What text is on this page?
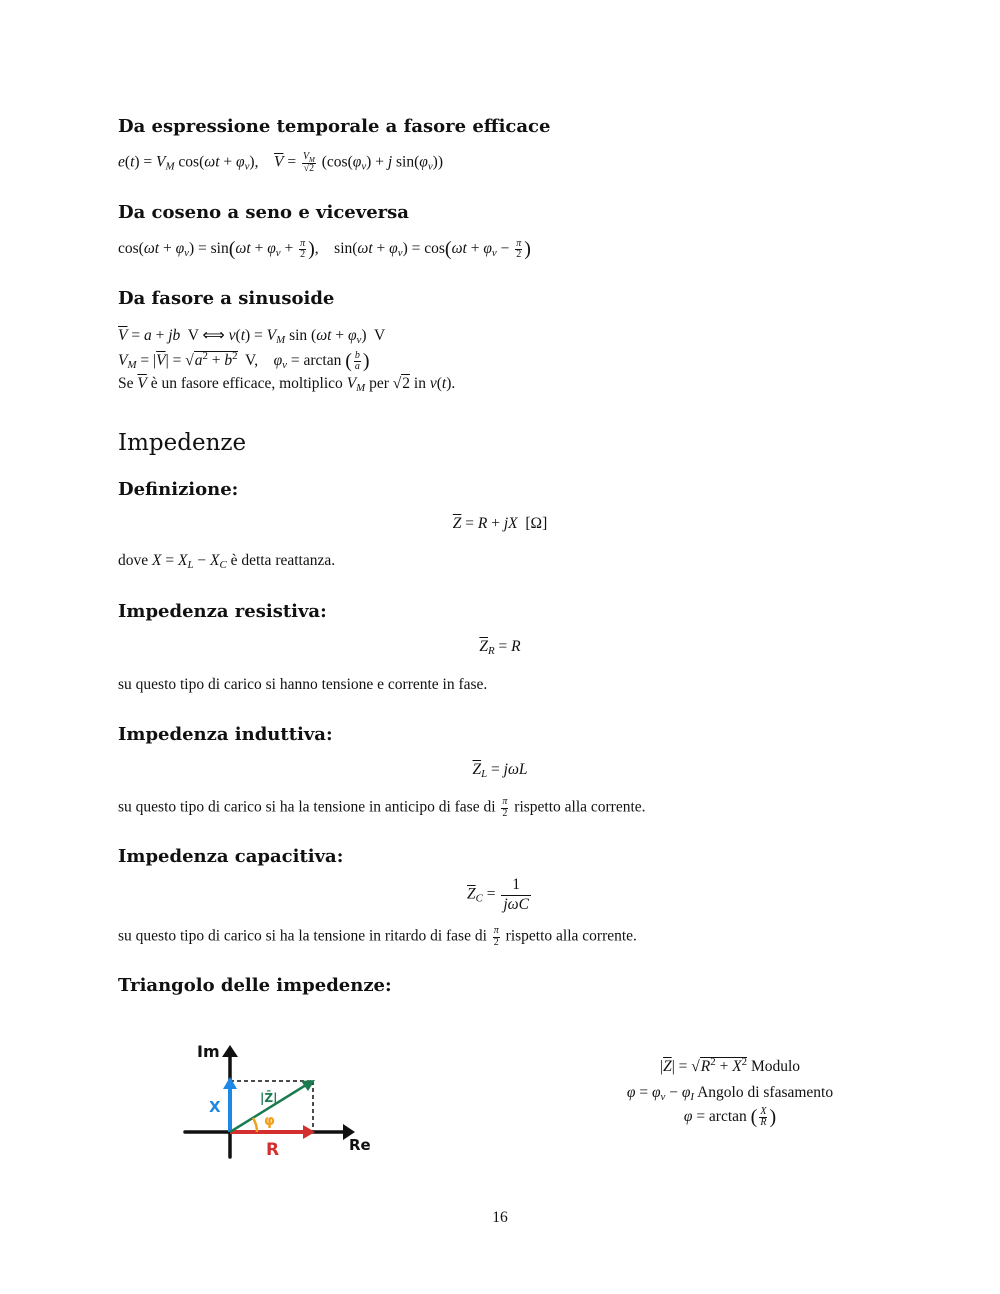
Da espressione temporale a fasore efficace
$e(t) = V_M$ $\cos(\omega t + \varphi_v)$,    $\overline{V} = \frac{V_M}{√2} (\cos(\varphi_v) + j$ $\sin(\varphi_v)$)
Da coseno a seno e viceversa
$\cos(\omega t + \varphi_v) = \sin(\omega t + \varphi_v + \frac{\pi}{2}$ ),    $\sin(\omega t + \varphi_v) = \cos(\omega t + \varphi_v - \frac{\pi}{2}$ )
Da fasore a sinusoide
$\overline{V} = a$ + jb  V ⟺ $v(t) = V_M$ $\sin (\omega t + \varphi_v)$  V
$V_M = |\overline{V}| = √a^2 + b^2$  V,    $\varphi_v = \arctan$ ( $\frac{b}{a}$ )
Se $\overline{V}$ è un fasore efficace, moltiplico $V_M$ per √2 in v(t).
Impedenze
Definizione:
$\overline{Z} = R$ + jX  [Ω]
dove $X = X_L - X_C$ è detta reattanza.
Impedenza resistiva:
$\overline{Z}_R = R$
su questo tipo di carico si hanno tensione e corrente in fase.
Impedenza induttiva:
$\overline{Z}_L = j\omega L$
su questo tipo di carico si ha la tensione in anticipo di fase di $\frac{\pi}{2}$ rispetto alla corrente.
Impedenza capacitiva:
$\overline{Z}_C$ =
1
jωC
su questo tipo di carico si ha la tensione in ritardo di fase di $\frac{\pi}{2}$ rispetto alla corrente.
Triangolo delle impedenze:
Im
Re
X
R
|Z̄|
φ
$|\overline{Z}| = √R^2 + X^2$ Modulo
$\varphi = \varphi_v - \varphi_I$ Angolo di sfasamento
φ = arctan ( $\frac{X}{R}$ )
16
